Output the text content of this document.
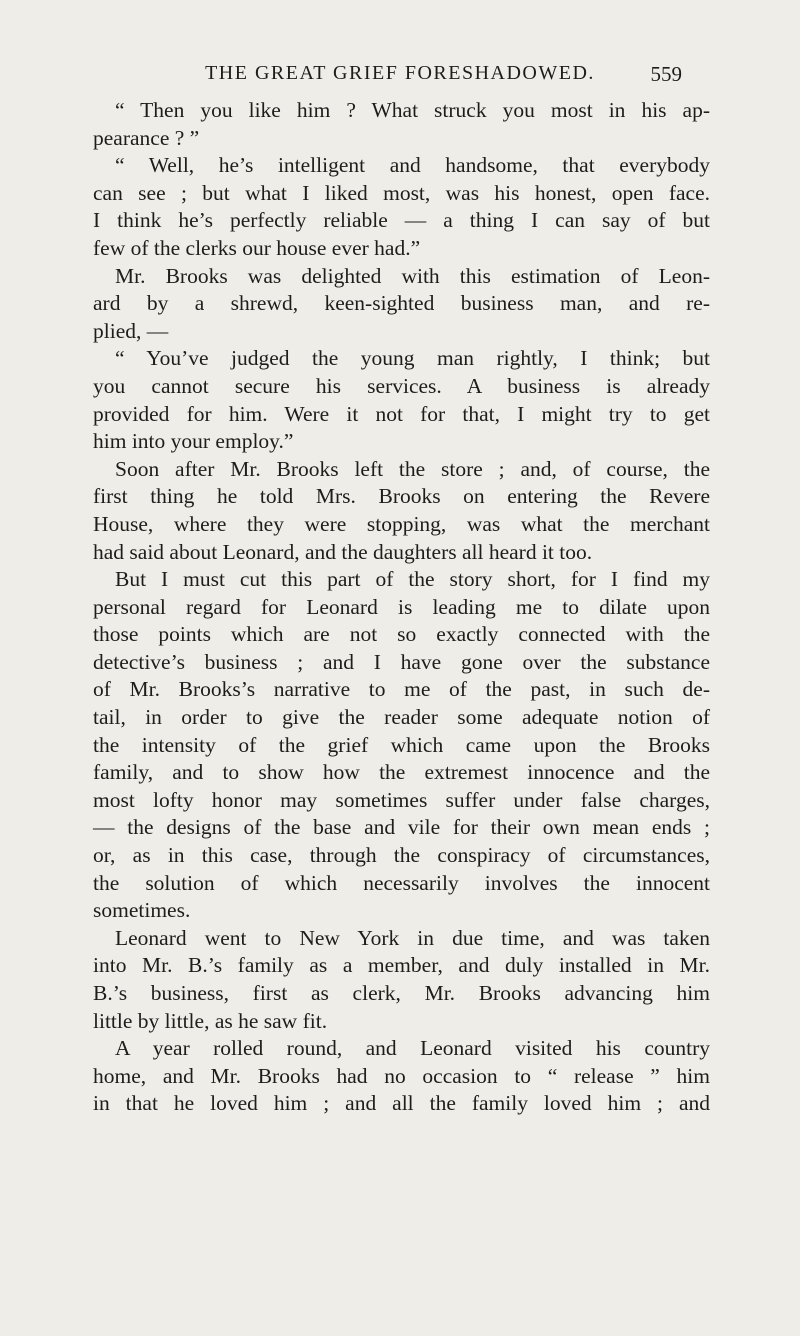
THE GREAT GRIEF FORESHADOWED.	559
“ Then you like him ? What struck you most in his ap-
pearance ? ”
“ Well, he’s intelligent and handsome, that everybody
can see ; but what I liked most, was his honest, open face.
I think he’s perfectly reliable — a thing I can say of but
few of the clerks our house ever had.”
Mr. Brooks was delighted with this estimation of Leon-
ard by a shrewd, keen-sighted business man, and re-
plied, —
“ You’ve judged the young man rightly, I think; but
you cannot secure his services. A business is already
provided for him. Were it not for that, I might try to get
him into your employ.”
Soon after Mr. Brooks left the store ; and, of course, the
first thing he told Mrs. Brooks on entering the Revere
House, where they were stopping, was what the merchant
had said about Leonard, and the daughters all heard it too.
But I must cut this part of the story short, for I find my
personal regard for Leonard is leading me to dilate upon
those points which are not so exactly connected with the
detective’s business ; and I have gone over the substance
of Mr. Brooks’s narrative to me of the past, in such de-
tail, in order to give the reader some adequate notion of
the intensity of the grief which came upon the Brooks
family, and to show how the extremest innocence and the
most lofty honor may sometimes suffer under false charges,
— the designs of the base and vile for their own mean ends ;
or, as in this case, through the conspiracy of circumstances,
the solution of which necessarily involves the innocent
sometimes.
Leonard went to New York in due time, and was taken
into Mr. B.’s family as a member, and duly installed in Mr.
B.’s business, first as clerk, Mr. Brooks advancing him
little by little, as he saw fit.
A year rolled round, and Leonard visited his country
home, and Mr. Brooks had no occasion to “ release ” him
in that he loved him ; and all the family loved him ; and
